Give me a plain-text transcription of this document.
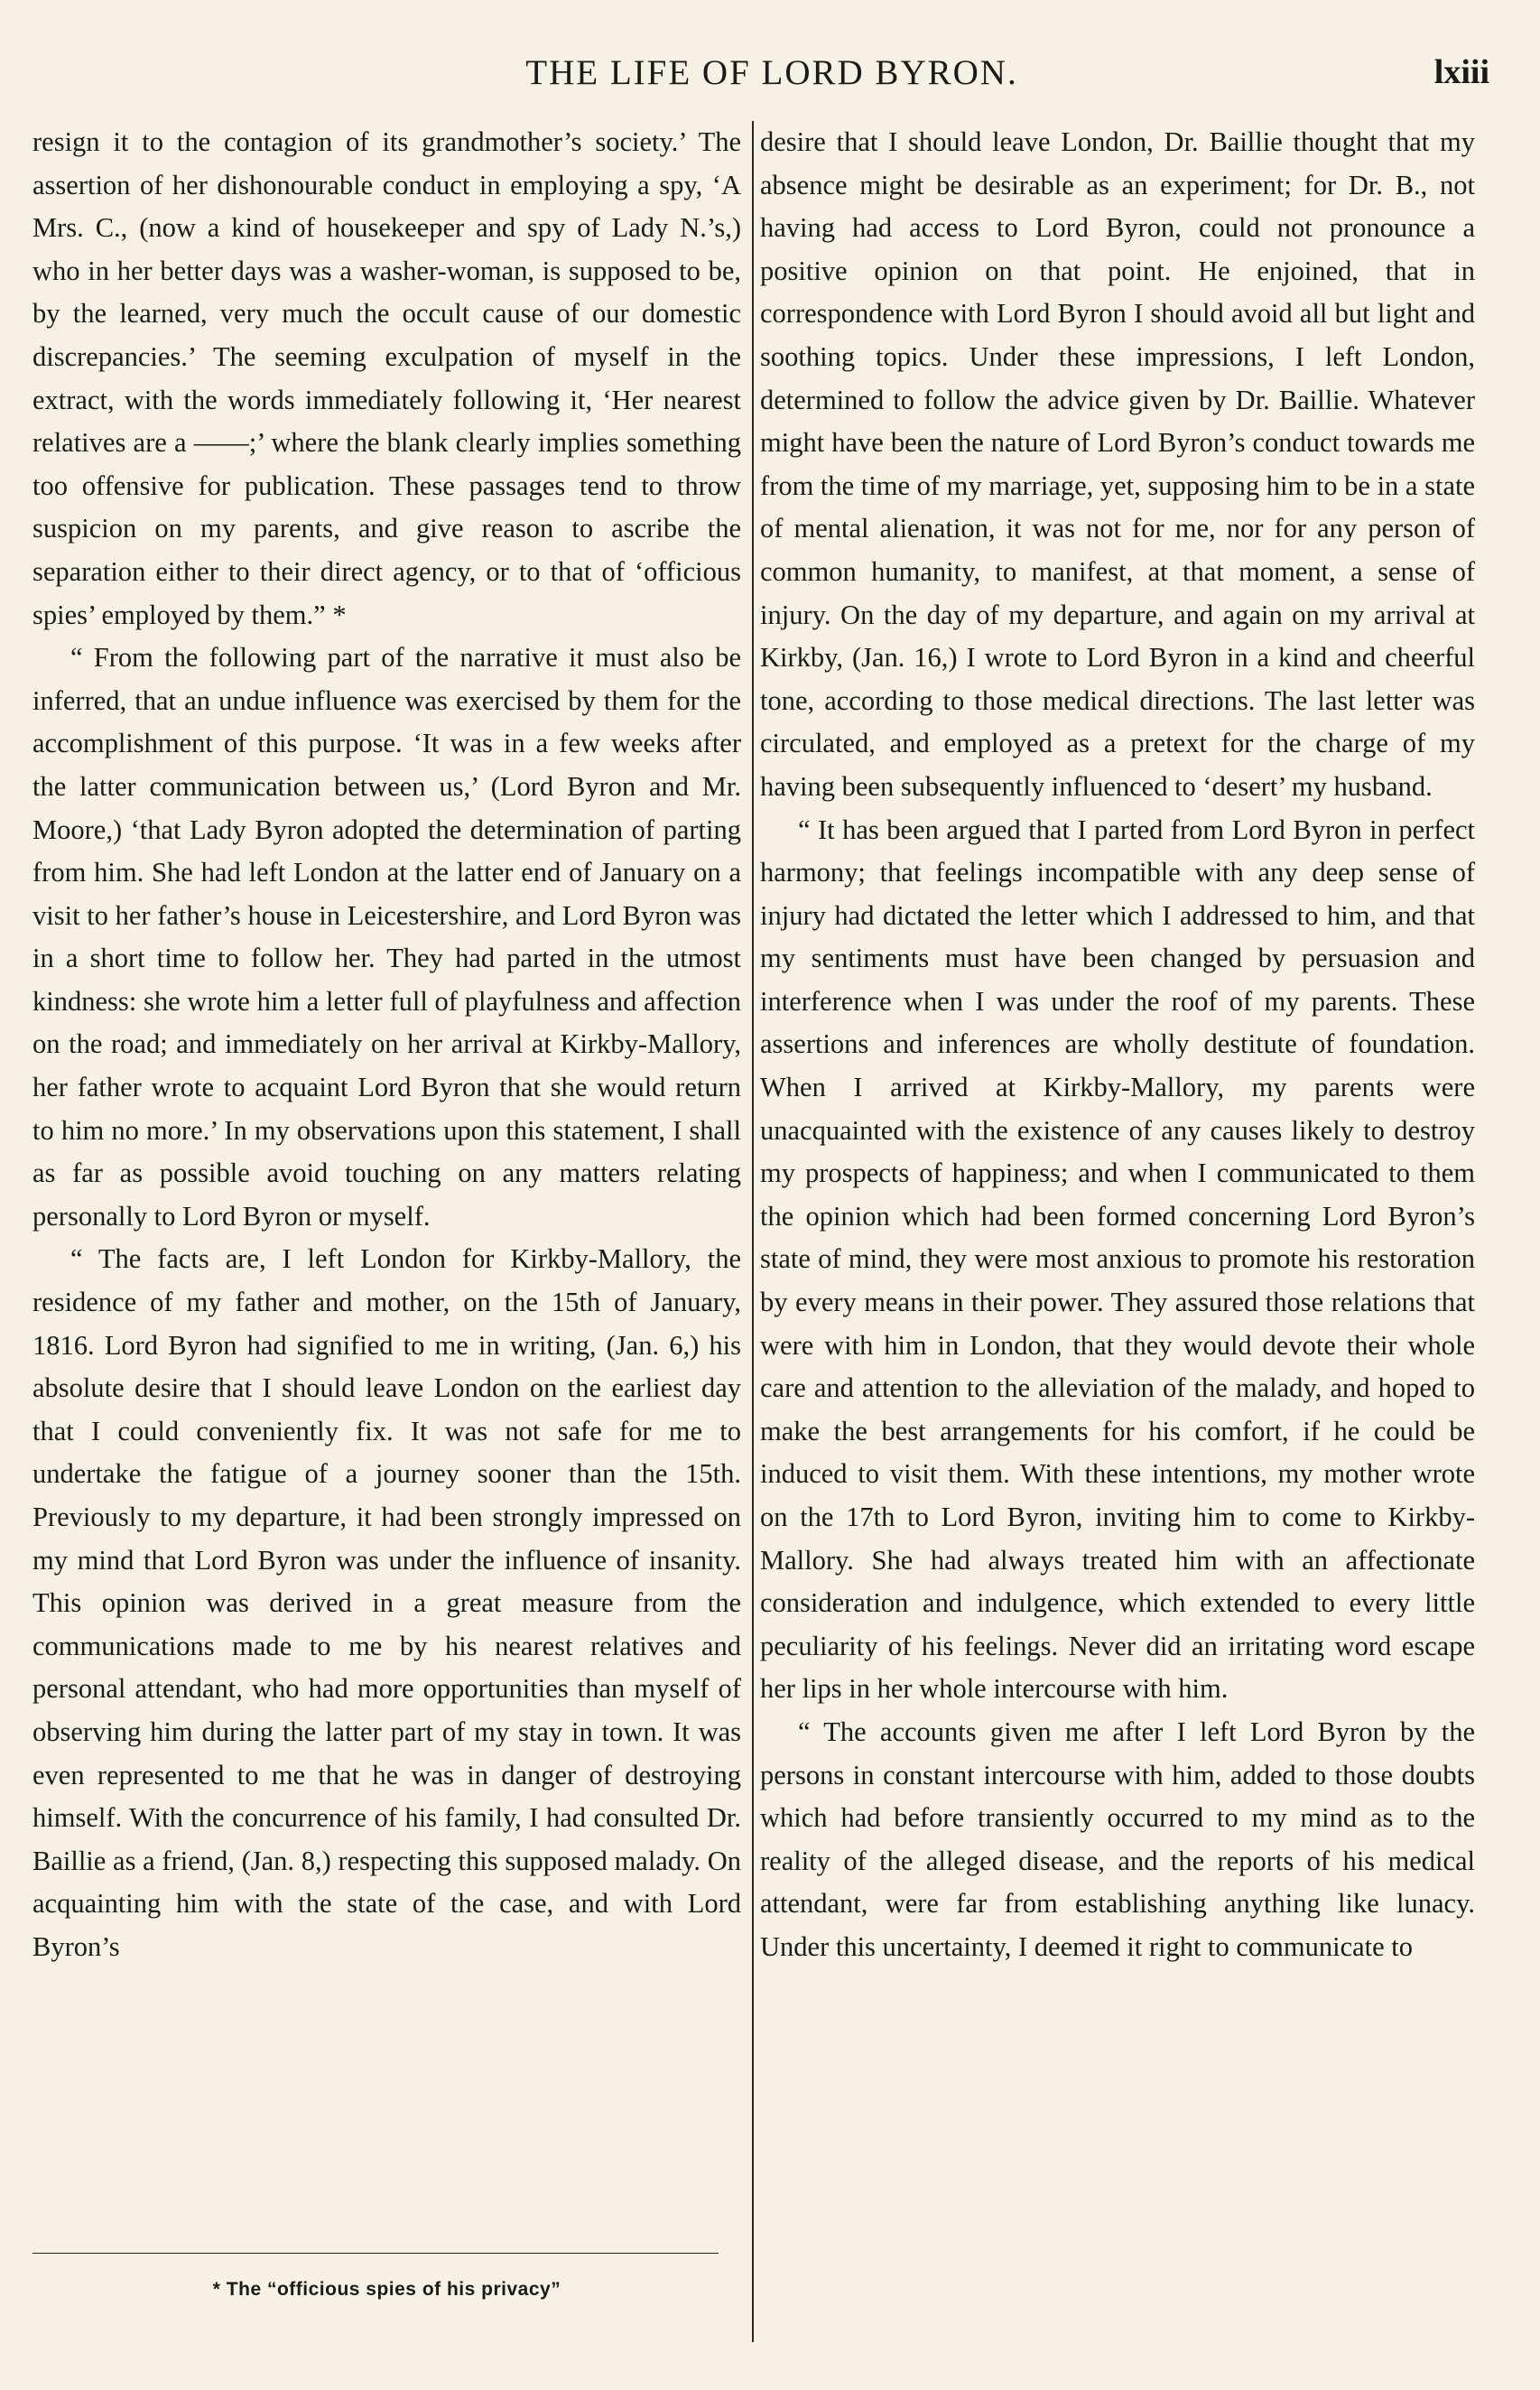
THE LIFE OF LORD BYRON.	lxiii

resign it to the contagion of its grandmother’s society.’ The assertion of her dishonourable conduct in employing a spy, ‘A Mrs. C., (now a kind of housekeeper and spy of Lady N.’s,) who in her better days was a washer-woman, is supposed to be, by the learned, very much the occult cause of our domestic discrepancies.’ The seeming exculpation of myself in the extract, with the words immediately following it, ‘Her nearest relatives are a ——;’ where the blank clearly implies something too offensive for publication. These passages tend to throw suspicion on my parents, and give reason to ascribe the separation either to their direct agency, or to that of ‘officious spies’ employed by them.” *

“ From the following part of the narrative it must also be inferred, that an undue influence was exercised by them for the accomplishment of this purpose. ‘It was in a few weeks after the latter communication between us,’ (Lord Byron and Mr. Moore,) ‘that Lady Byron adopted the determination of parting from him. She had left London at the latter end of January on a visit to her father’s house in Leicestershire, and Lord Byron was in a short time to follow her. They had parted in the utmost kindness: she wrote him a letter full of playfulness and affection on the road; and immediately on her arrival at Kirkby-Mallory, her father wrote to acquaint Lord Byron that she would return to him no more.’ In my observations upon this statement, I shall as far as possible avoid touching on any matters relating personally to Lord Byron or myself.

“ The facts are, I left London for Kirkby-Mallory, the residence of my father and mother, on the 15th of January, 1816. Lord Byron had signified to me in writing, (Jan. 6,) his absolute desire that I should leave London on the earliest day that I could conveniently fix. It was not safe for me to undertake the fatigue of a journey sooner than the 15th. Previously to my departure, it had been strongly impressed on my mind that Lord Byron was under the influence of insanity. This opinion was derived in a great measure from the communications made to me by his nearest relatives and personal attendant, who had more opportunities than myself of observing him during the latter part of my stay in town. It was even represented to me that he was in danger of destroying himself. With the concurrence of his family, I had consulted Dr. Baillie as a friend, (Jan. 8,) respecting this supposed malady. On acquainting him with the state of the case, and with Lord Byron’s

desire that I should leave London, Dr. Baillie thought that my absence might be desirable as an experiment; for Dr. B., not having had access to Lord Byron, could not pronounce a positive opinion on that point. He enjoined, that in correspondence with Lord Byron I should avoid all but light and soothing topics. Under these impressions, I left London, determined to follow the advice given by Dr. Baillie. Whatever might have been the nature of Lord Byron’s conduct towards me from the time of my marriage, yet, supposing him to be in a state of mental alienation, it was not for me, nor for any person of common humanity, to manifest, at that moment, a sense of injury. On the day of my departure, and again on my arrival at Kirkby, (Jan. 16,) I wrote to Lord Byron in a kind and cheerful tone, according to those medical directions. The last letter was circulated, and employed as a pretext for the charge of my having been subsequently influenced to ‘desert’ my husband.

“ It has been argued that I parted from Lord Byron in perfect harmony; that feelings incompatible with any deep sense of injury had dictated the letter which I addressed to him, and that my sentiments must have been changed by persuasion and interference when I was under the roof of my parents. These assertions and inferences are wholly destitute of foundation. When I arrived at Kirkby-Mallory, my parents were unacquainted with the existence of any causes likely to destroy my prospects of happiness; and when I communicated to them the opinion which had been formed concerning Lord Byron’s state of mind, they were most anxious to promote his restoration by every means in their power. They assured those relations that were with him in London, that they would devote their whole care and attention to the alleviation of the malady, and hoped to make the best arrangements for his comfort, if he could be induced to visit them. With these intentions, my mother wrote on the 17th to Lord Byron, inviting him to come to Kirkby-Mallory. She had always treated him with an affectionate consideration and indulgence, which extended to every little peculiarity of his feelings. Never did an irritating word escape her lips in her whole intercourse with him.

“ The accounts given me after I left Lord Byron by the persons in constant intercourse with him, added to those doubts which had before transiently occurred to my mind as to the reality of the alleged disease, and the reports of his medical attendant, were far from establishing anything like lunacy. Under this uncertainty, I deemed it right to communicate to

* The “officious spies of his privacy”
